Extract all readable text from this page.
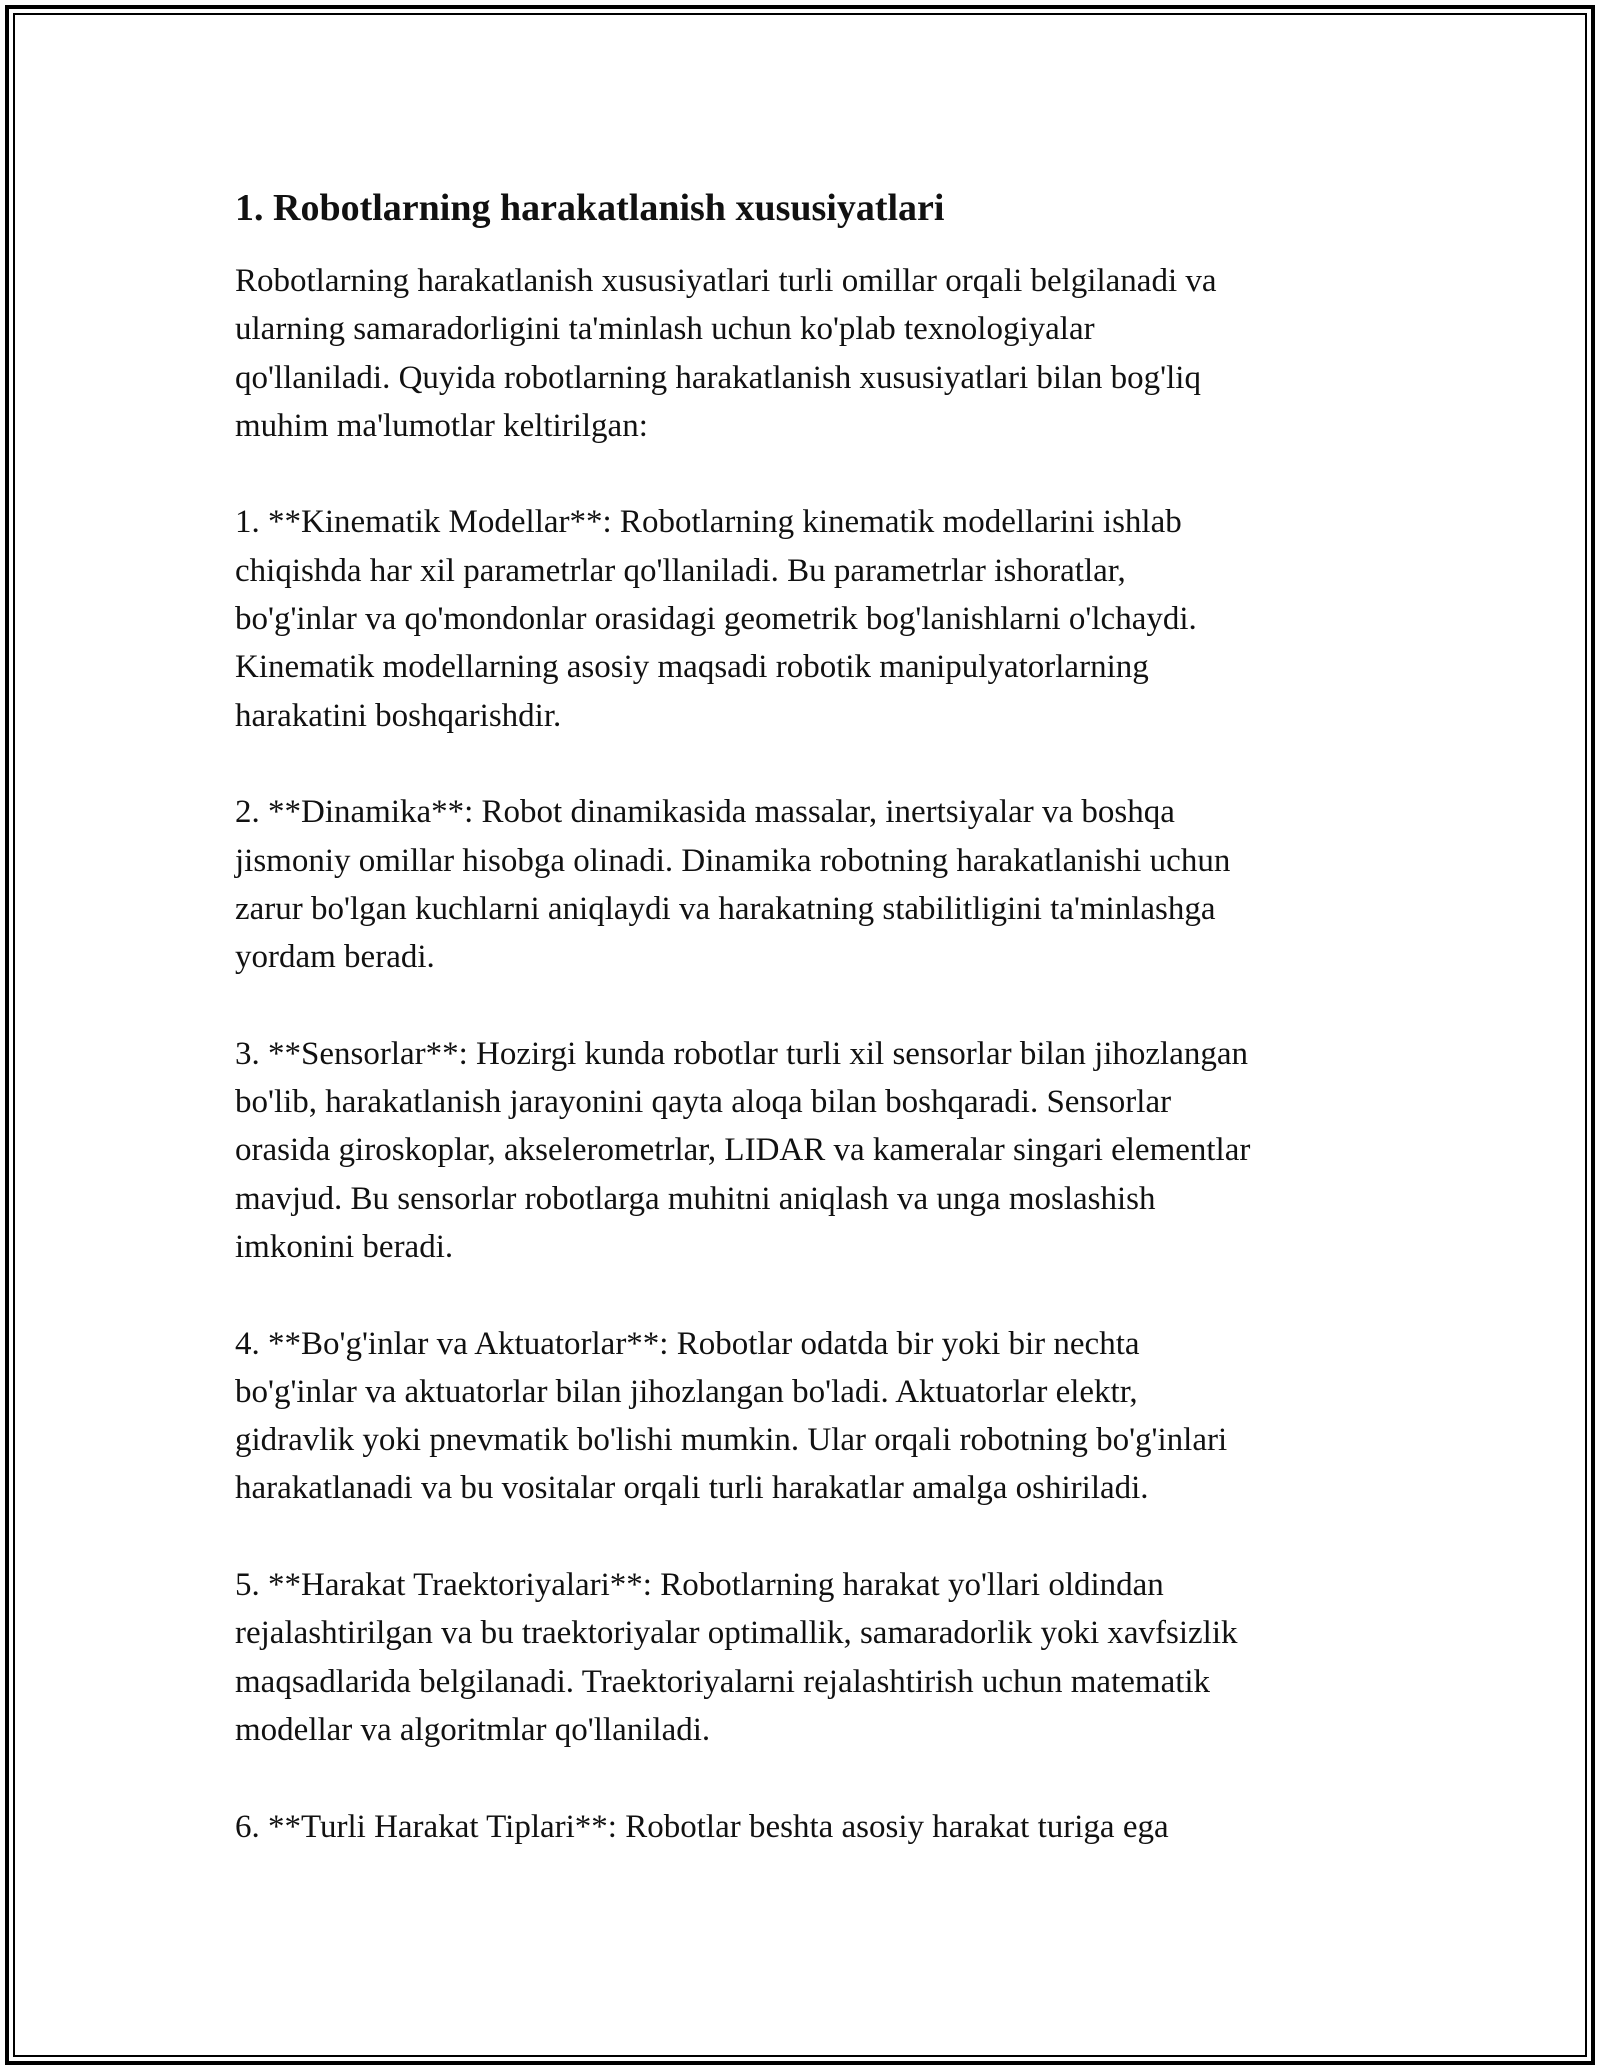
1. Robotlarning harakatlanish xususiyatlari

Robotlarning harakatlanish xususiyatlari turli omillar orqali belgilanadi va
ularning samaradorligini ta'minlash uchun ko'plab texnologiyalar
qo'llaniladi. Quyida robotlarning harakatlanish xususiyatlari bilan bog'liq
muhim ma'lumotlar keltirilgan:

1. **Kinematik Modellar**: Robotlarning kinematik modellarini ishlab
chiqishda har xil parametrlar qo'llaniladi. Bu parametrlar ishoratlar,
bo'g'inlar va qo'mondonlar orasidagi geometrik bog'lanishlarni o'lchaydi.
Kinematik modellarning asosiy maqsadi robotik manipulyatorlarning
harakatini boshqarishdir.

2. **Dinamika**: Robot dinamikasida massalar, inertsiyalar va boshqa
jismoniy omillar hisobga olinadi. Dinamika robotning harakatlanishi uchun
zarur bo'lgan kuchlarni aniqlaydi va harakatning stabilitligini ta'minlashga
yordam beradi.

3. **Sensorlar**: Hozirgi kunda robotlar turli xil sensorlar bilan jihozlangan
bo'lib, harakatlanish jarayonini qayta aloqa bilan boshqaradi. Sensorlar
orasida giroskoplar, akselerometrlar, LIDAR va kameralar singari elementlar
mavjud. Bu sensorlar robotlarga muhitni aniqlash va unga moslashish
imkonini beradi.

4. **Bo'g'inlar va Aktuatorlar**: Robotlar odatda bir yoki bir nechta
bo'g'inlar va aktuatorlar bilan jihozlangan bo'ladi. Aktuatorlar elektr,
gidravlik yoki pnevmatik bo'lishi mumkin. Ular orqali robotning bo'g'inlari
harakatlanadi va bu vositalar orqali turli harakatlar amalga oshiriladi.

5. **Harakat Traektoriyalari**: Robotlarning harakat yo'llari oldindan
rejalashtirilgan va bu traektoriyalar optimallik, samaradorlik yoki xavfsizlik
maqsadlarida belgilanadi. Traektoriyalarni rejalashtirish uchun matematik
modellar va algoritmlar qo'llaniladi.

6. **Turli Harakat Tiplari**: Robotlar beshta asosiy harakat turiga ega
